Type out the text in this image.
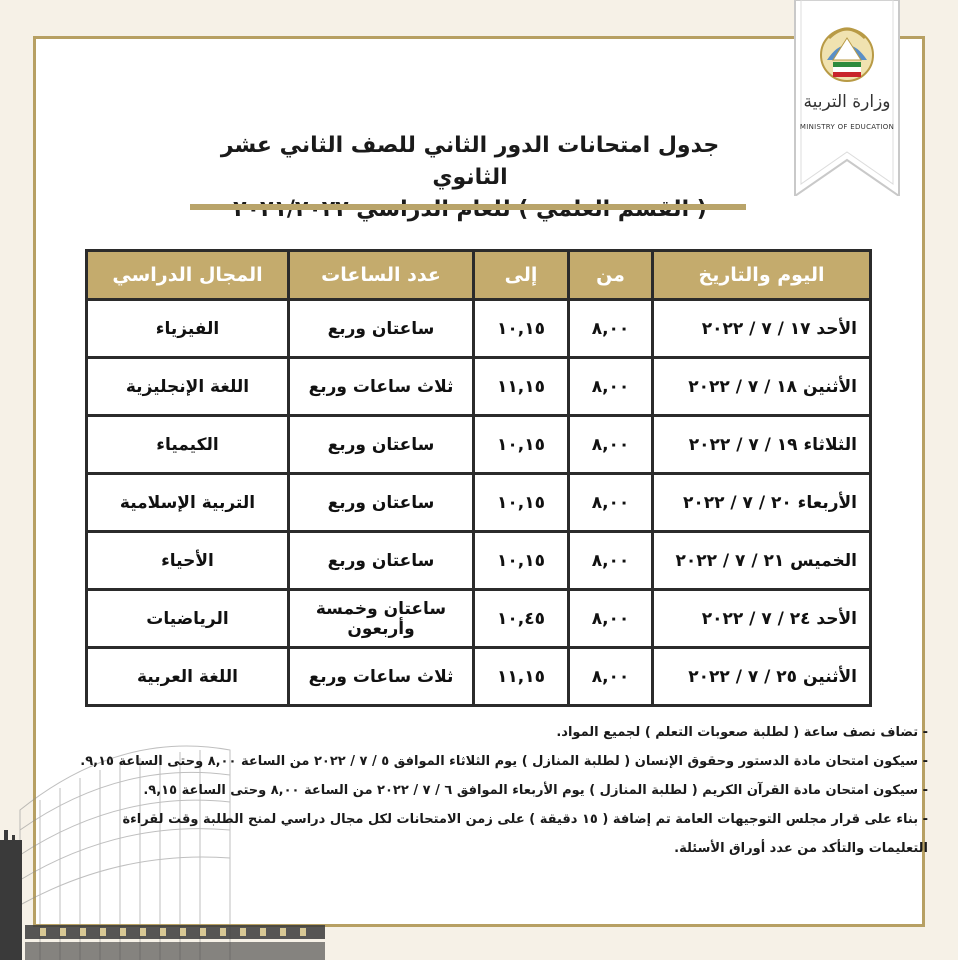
وزارة التربية
MINISTRY OF EDUCATION
جدول امتحانات الدور الثاني للصف الثاني عشر الثانوي
اليوم والتاريخ	من	إلى	عدد الساعات	المجال الدراسي
الأحد ١٧ / ٧ / ٢٠٢٢	٨,٠٠	١٠,١٥	ساعتان وربع	الفيزياء
الأثنين ١٨ / ٧ / ٢٠٢٢	٨,٠٠	١١,١٥	ثلاث ساعات وربع	اللغة الإنجليزية
الثلاثاء ١٩ / ٧ / ٢٠٢٢	٨,٠٠	١٠,١٥	ساعتان وربع	الكيمياء
الأربعاء ٢٠ / ٧ / ٢٠٢٢	٨,٠٠	١٠,١٥	ساعتان وربع	التربية الإسلامية
الخميس ٢١ / ٧ / ٢٠٢٢	٨,٠٠	١٠,١٥	ساعتان وربع	الأحياء
الأحد ٢٤ / ٧ / ٢٠٢٢	٨,٠٠	١٠,٤٥	ساعتان وخمسة وأربعون	الرياضيات
الأثنين ٢٥ / ٧ / ٢٠٢٢	٨,٠٠	١١,١٥	ثلاث ساعات وربع	اللغة العربية
- تضاف نصف ساعة ( لطلبة صعوبات التعلم ) لجميع المواد.
- سيكون امتحان مادة الدستور وحقوق الإنسان ( لطلبة المنازل ) يوم الثلاثاء الموافق ٥ / ٧ / ٢٠٢٢ من الساعة ٨,٠٠ وحتى الساعة ٩,١٥.
- سيكون امتحان مادة القرآن الكريم ( لطلبة المنازل ) يوم الأربعاء الموافق ٦ / ٧ / ٢٠٢٢ من الساعة ٨,٠٠ وحتى الساعة ٩,١٥.
- بناء على قرار مجلس التوجيهات العامة تم إضافة ( ١٥ دقيقة ) على زمن الامتحانات لكل مجال دراسي لمنح الطلبة وقت لقراءة التعليمات والتأكد من عدد أوراق الأسئلة.
